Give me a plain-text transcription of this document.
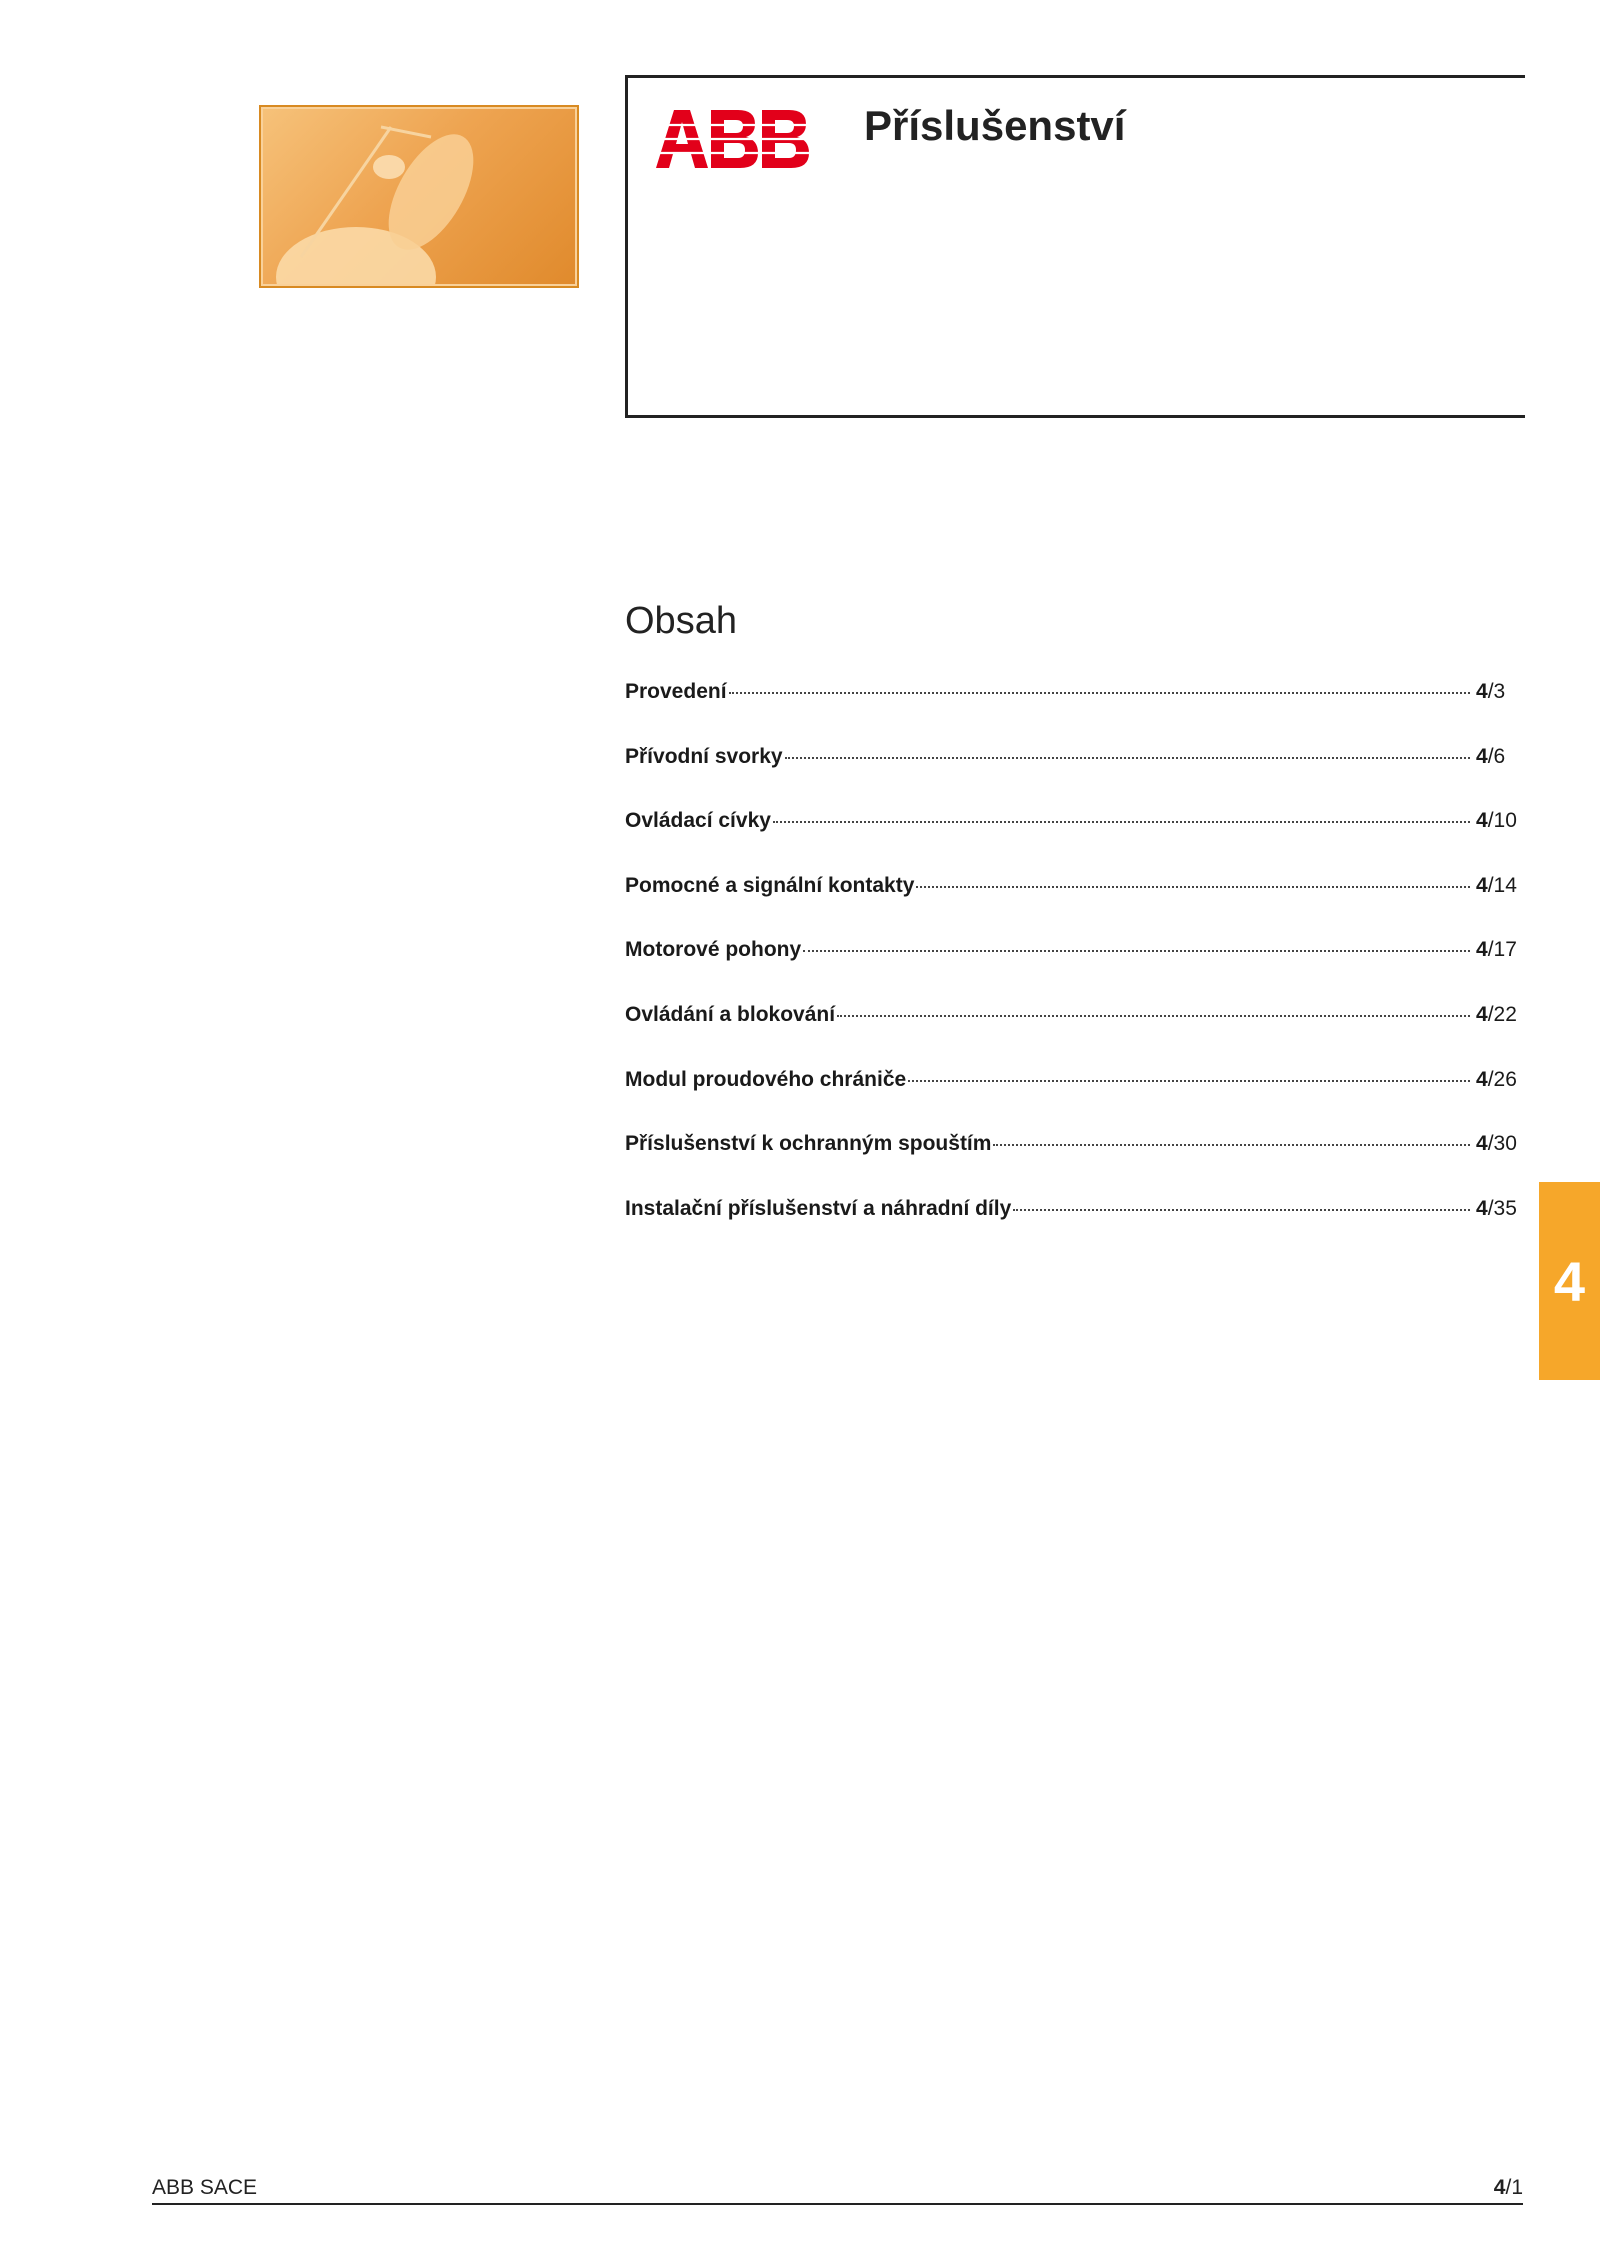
Příslušenství
Obsah
Provedení	4/3
Přívodní svorky	4/6
Ovládací cívky	4/10
Pomocné a signální kontakty	4/14
Motorové pohony	4/17
Ovládání a blokování	4/22
Modul proudového chrániče	4/26
Příslušenství k ochranným spouštím	4/30
Instalační příslušenství a náhradní díly	4/35
4
ABB SACE	4/1
